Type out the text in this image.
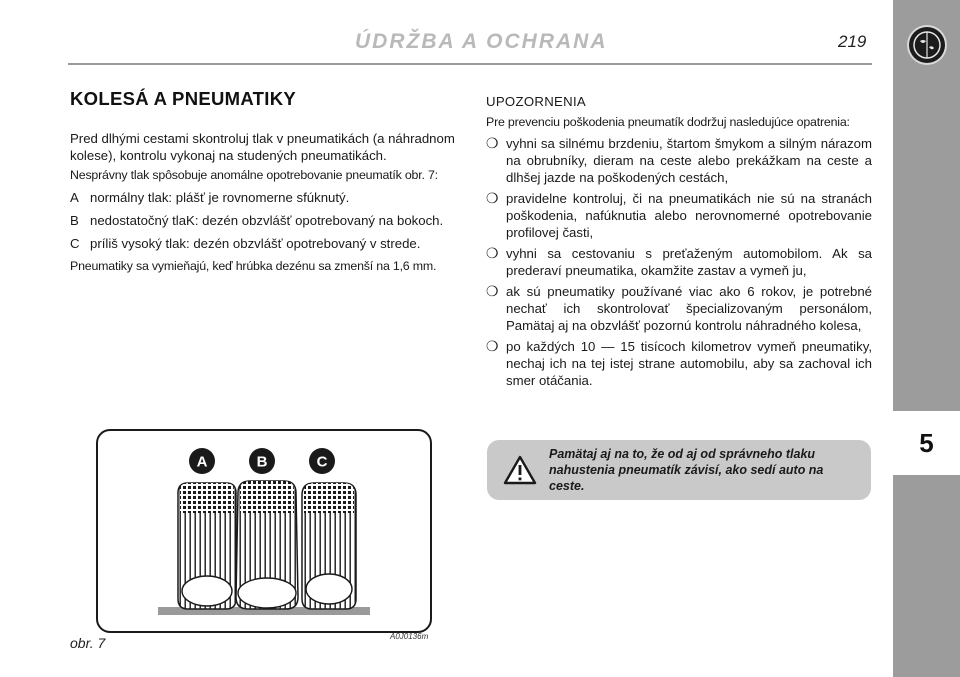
ÚDRŽBA A OCHRANA	219
5
KOLESÁ A PNEUMATIKY

Pred dlhými cestami skontroluj tlak v pneumatikách (a náhradnom kolese), kontrolu vykonaj na studených pneumatikách.

Nesprávny tlak spôsobuje anomálne opotrebovanie pneumatík obr. 7:

A normálny tlak: plášť je rovnomerne sfúknutý.
B nedostatočný tlaK: dezén obzvlášť opotrebovaný na bokoch.
C príliš vysoký tlak: dezén obzvlášť opotrebovaný v strede.

Pneumatiky sa vymieňajú, keď hrúbka dezénu sa zmenší na 1,6 mm.

UPOZORNENIA
Pre prevenciu poškodenia pneumatík dodržuj nasledujúce opatrenia:
❍ vyhni sa silnému brzdeniu, štartom šmykom a silným nárazom na obrubníky, dieram na ceste alebo prekážkam na ceste a dlhšej jazde na poškodených cestách,
❍ pravidelne kontroluj, či na pneumatikách nie sú na stranách poškodenia, nafúknutia alebo nerovnomerné opotrebovanie profilovej časti,
❍ vyhni sa cestovaniu s preťaženým automobilom. Ak sa prederaví pneumatika, okamžite zastav a vymeň ju,
❍ ak sú pneumatiky používané viac ako 6 rokov, je potrebné nechať ich skontrolovať špecializovaným personálom, Pamätaj aj na obzvlášť pozornú kontrolu náhradného kolesa,
❍ po každých 10 — 15 tisícoch kilometrov vymeň pneumatiky, nechaj ich na tej istej strane automobilu, aby sa zachoval ich smer otáčania.
Pamätaj aj na to, že od aj od správneho tlaku nahustenia pneumatík závisí, ako sedí auto na ceste.
A	B	C
obr. 7	A0J0136m
